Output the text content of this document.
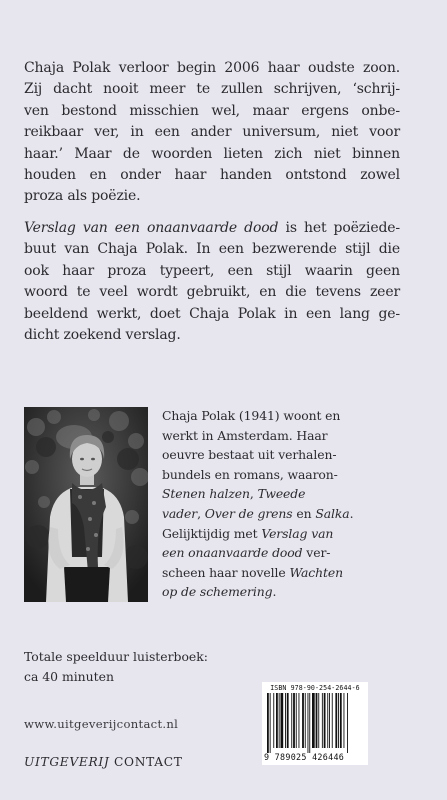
Chaja Polak verloor begin 2006 haar oudste zoon.
Zij dacht nooit meer te zullen schrijven, ‘schrij-
ven bestond misschien wel, maar ergens onbe-
reikbaar ver, in een ander universum, niet voor
haar.’ Maar de woorden lieten zich niet binnen
houden en onder haar handen ontstond zowel
proza als poëzie.
Verslag van een onaanvaarde dood is het poëziede-
buut van Chaja Polak. In een bezwerende stijl die
ook haar proza typeert, een stijl waarin geen
woord te veel wordt gebruikt, en die tevens zeer
beeldend werkt, doet Chaja Polak in een lang ge-
dicht zoekend verslag.
Chaja Polak (1941) woont en
werkt in Amsterdam. Haar
oeuvre bestaat uit verhalen-
bundels en romans, waaron-
Stenen halzen, Tweede
vader, Over de grens en Salka.
Gelijktijdig met Verslag van
een onaanvaarde dood ver-
scheen haar novelle Wachten
op de schemering.
Totale speelduur luisterboek:
ca 40 minuten
ISBN 978-90-254-2644-6
9 789025 426446
www.uitgeverijcontact.nl
UITGEVERIJ CONTACT
